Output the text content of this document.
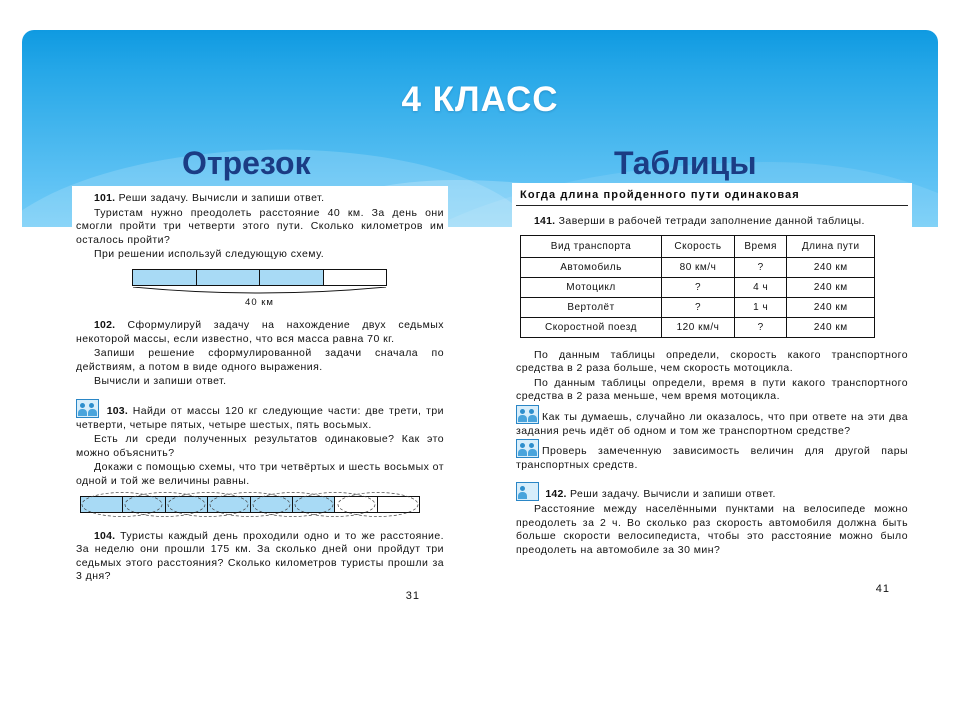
4 КЛАСС
Отрезок	Таблицы

101. Реши задачу. Вычисли и запиши ответ.

Туристам нужно преодолеть расстояние 40 км. За день они смогли пройти три четверти этого пути. Сколько километров им осталось пройти?

При решении используй следующую схему.

40 км

102. Сформулируй задачу на нахождение двух седьмых некоторой массы, если известно, что вся масса равна 70 кг.

Запиши решение сформулированной задачи сначала по действиям, а потом в виде одного выражения.

Вычисли и запиши ответ.

103. Найди от массы 120 кг следующие части: две трети, три четверти, четыре пятых, четыре шестых, пять восьмых.

Есть ли среди полученных результатов одинаковые? Как это можно объяснить?

Докажи с помощью схемы, что три четвёртых и шесть восьмых от одной и той же величины равны.

104. Туристы каждый день проходили одно и то же расстояние. За неделю они прошли 175 км. За сколько дней они пройдут три седьмых этого расстояния? Сколько километров туристы прошли за 3 дня?

31
Когда длина пройденного пути одинаковая

141. Заверши в рабочей тетради заполнение данной таблицы.

Вид транспорта	Скорость	Время	Длина пути
Автомобиль	80 км/ч	?	240 км
Мотоцикл	?	4 ч	240 км
Вертолёт	?	1 ч	240 км
Скоростной поезд	120 км/ч	?	240 км

По данным таблицы определи, скорость какого транспортного средства в 2 раза больше, чем скорость мотоцикла.

По данным таблицы определи, время в пути какого транспортного средства в 2 раза меньше, чем время мотоцикла.

Как ты думаешь, случайно ли оказалось, что при ответе на эти два задания речь идёт об одном и том же транспортном средстве?

Проверь замеченную зависимость величин для другой пары транспортных средств.

142. Реши задачу. Вычисли и запиши ответ.

Расстояние между населёнными пунктами на велосипеде можно преодолеть за 2 ч. Во сколько раз скорость автомобиля должна быть больше скорости велосипедиста, чтобы это расстояние можно было преодолеть на автомобиле за 30 мин?

41
